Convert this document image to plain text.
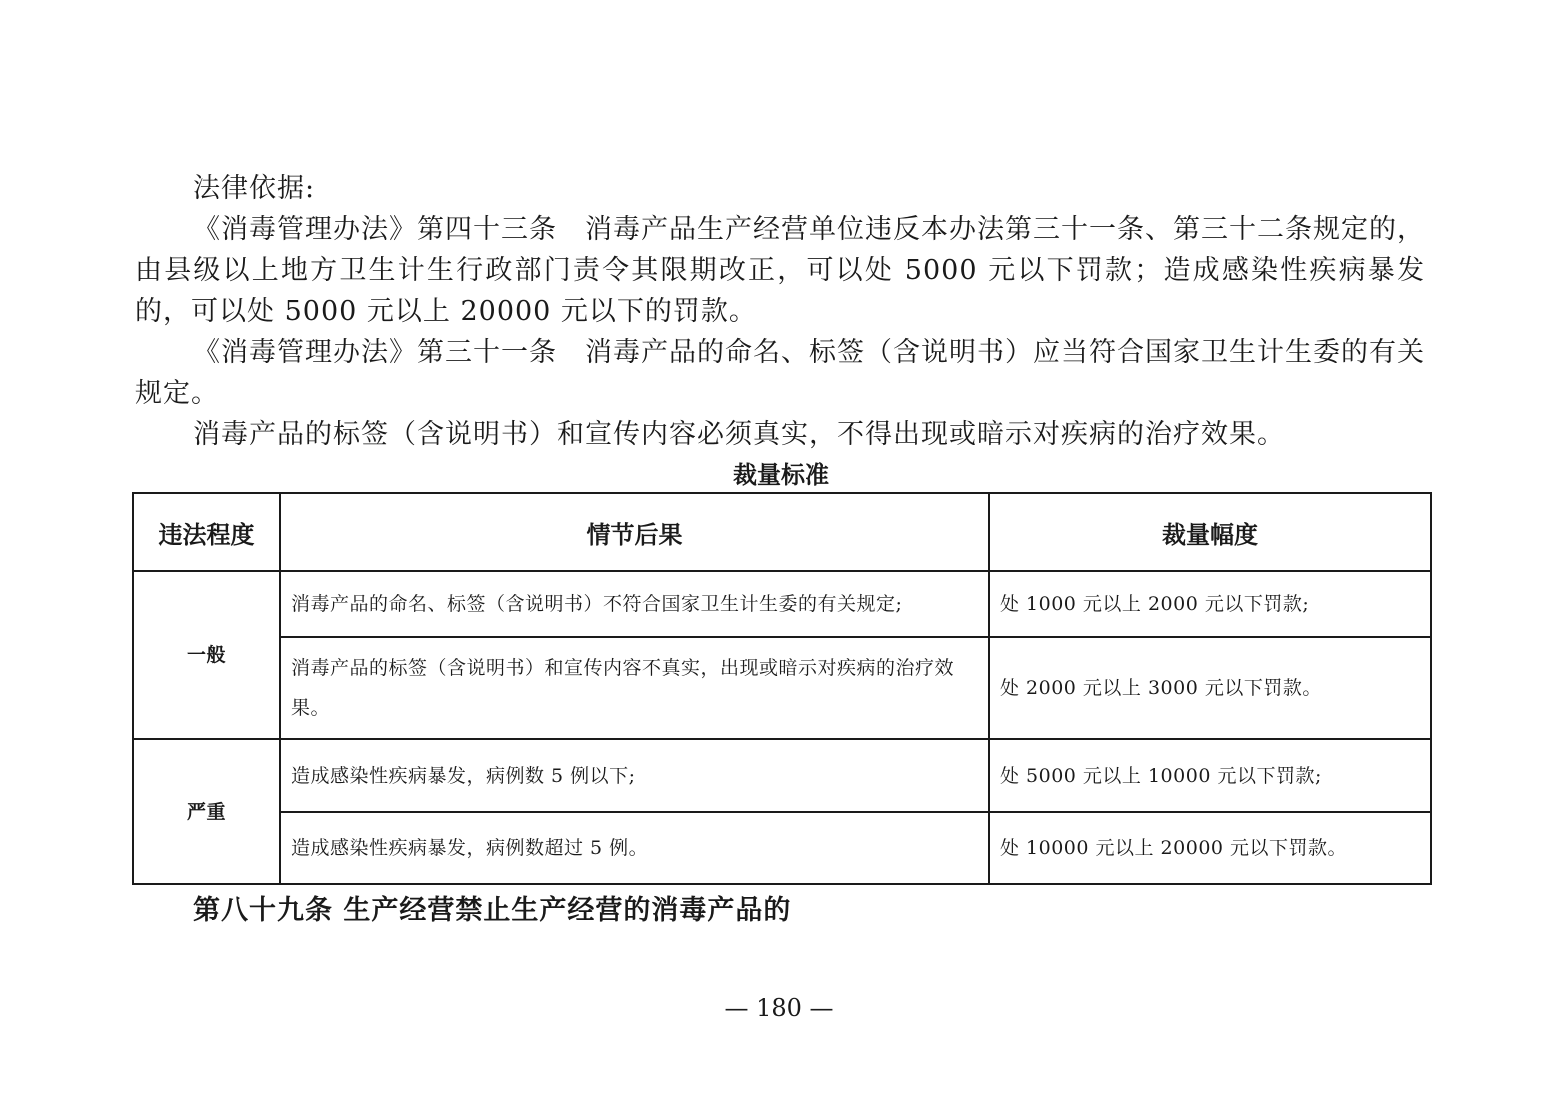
法律依据:

《消毒管理办法》第四十三条　消毒产品生产经营单位违反本办法第三十一条、第三十二条规定的，由县级以上地方卫生计生行政部门责令其限期改正，可以处 5000 元以下罚款；造成感染性疾病暴发的，可以处 5000 元以上 20000 元以下的罚款。

《消毒管理办法》第三十一条　消毒产品的命名、标签（含说明书）应当符合国家卫生计生委的有关规定。

消毒产品的标签（含说明书）和宣传内容必须真实，不得出现或暗示对疾病的治疗效果。

裁量标准
违法程度	情节后果	裁量幅度
一般	消毒产品的命名、标签（含说明书）不符合国家卫生计生委的有关规定;	处 1000 元以上 2000 元以下罚款;
	消毒产品的标签（含说明书）和宣传内容不真实，出现或暗示对疾病的治疗效果。	处 2000 元以上 3000 元以下罚款。
严重	造成感染性疾病暴发，病例数 5 例以下;	处 5000 元以上 10000 元以下罚款;
	造成感染性疾病暴发，病例数超过 5 例。	处 10000 元以上 20000 元以下罚款。
第八十九条 生产经营禁止生产经营的消毒产品的
— 180 —
